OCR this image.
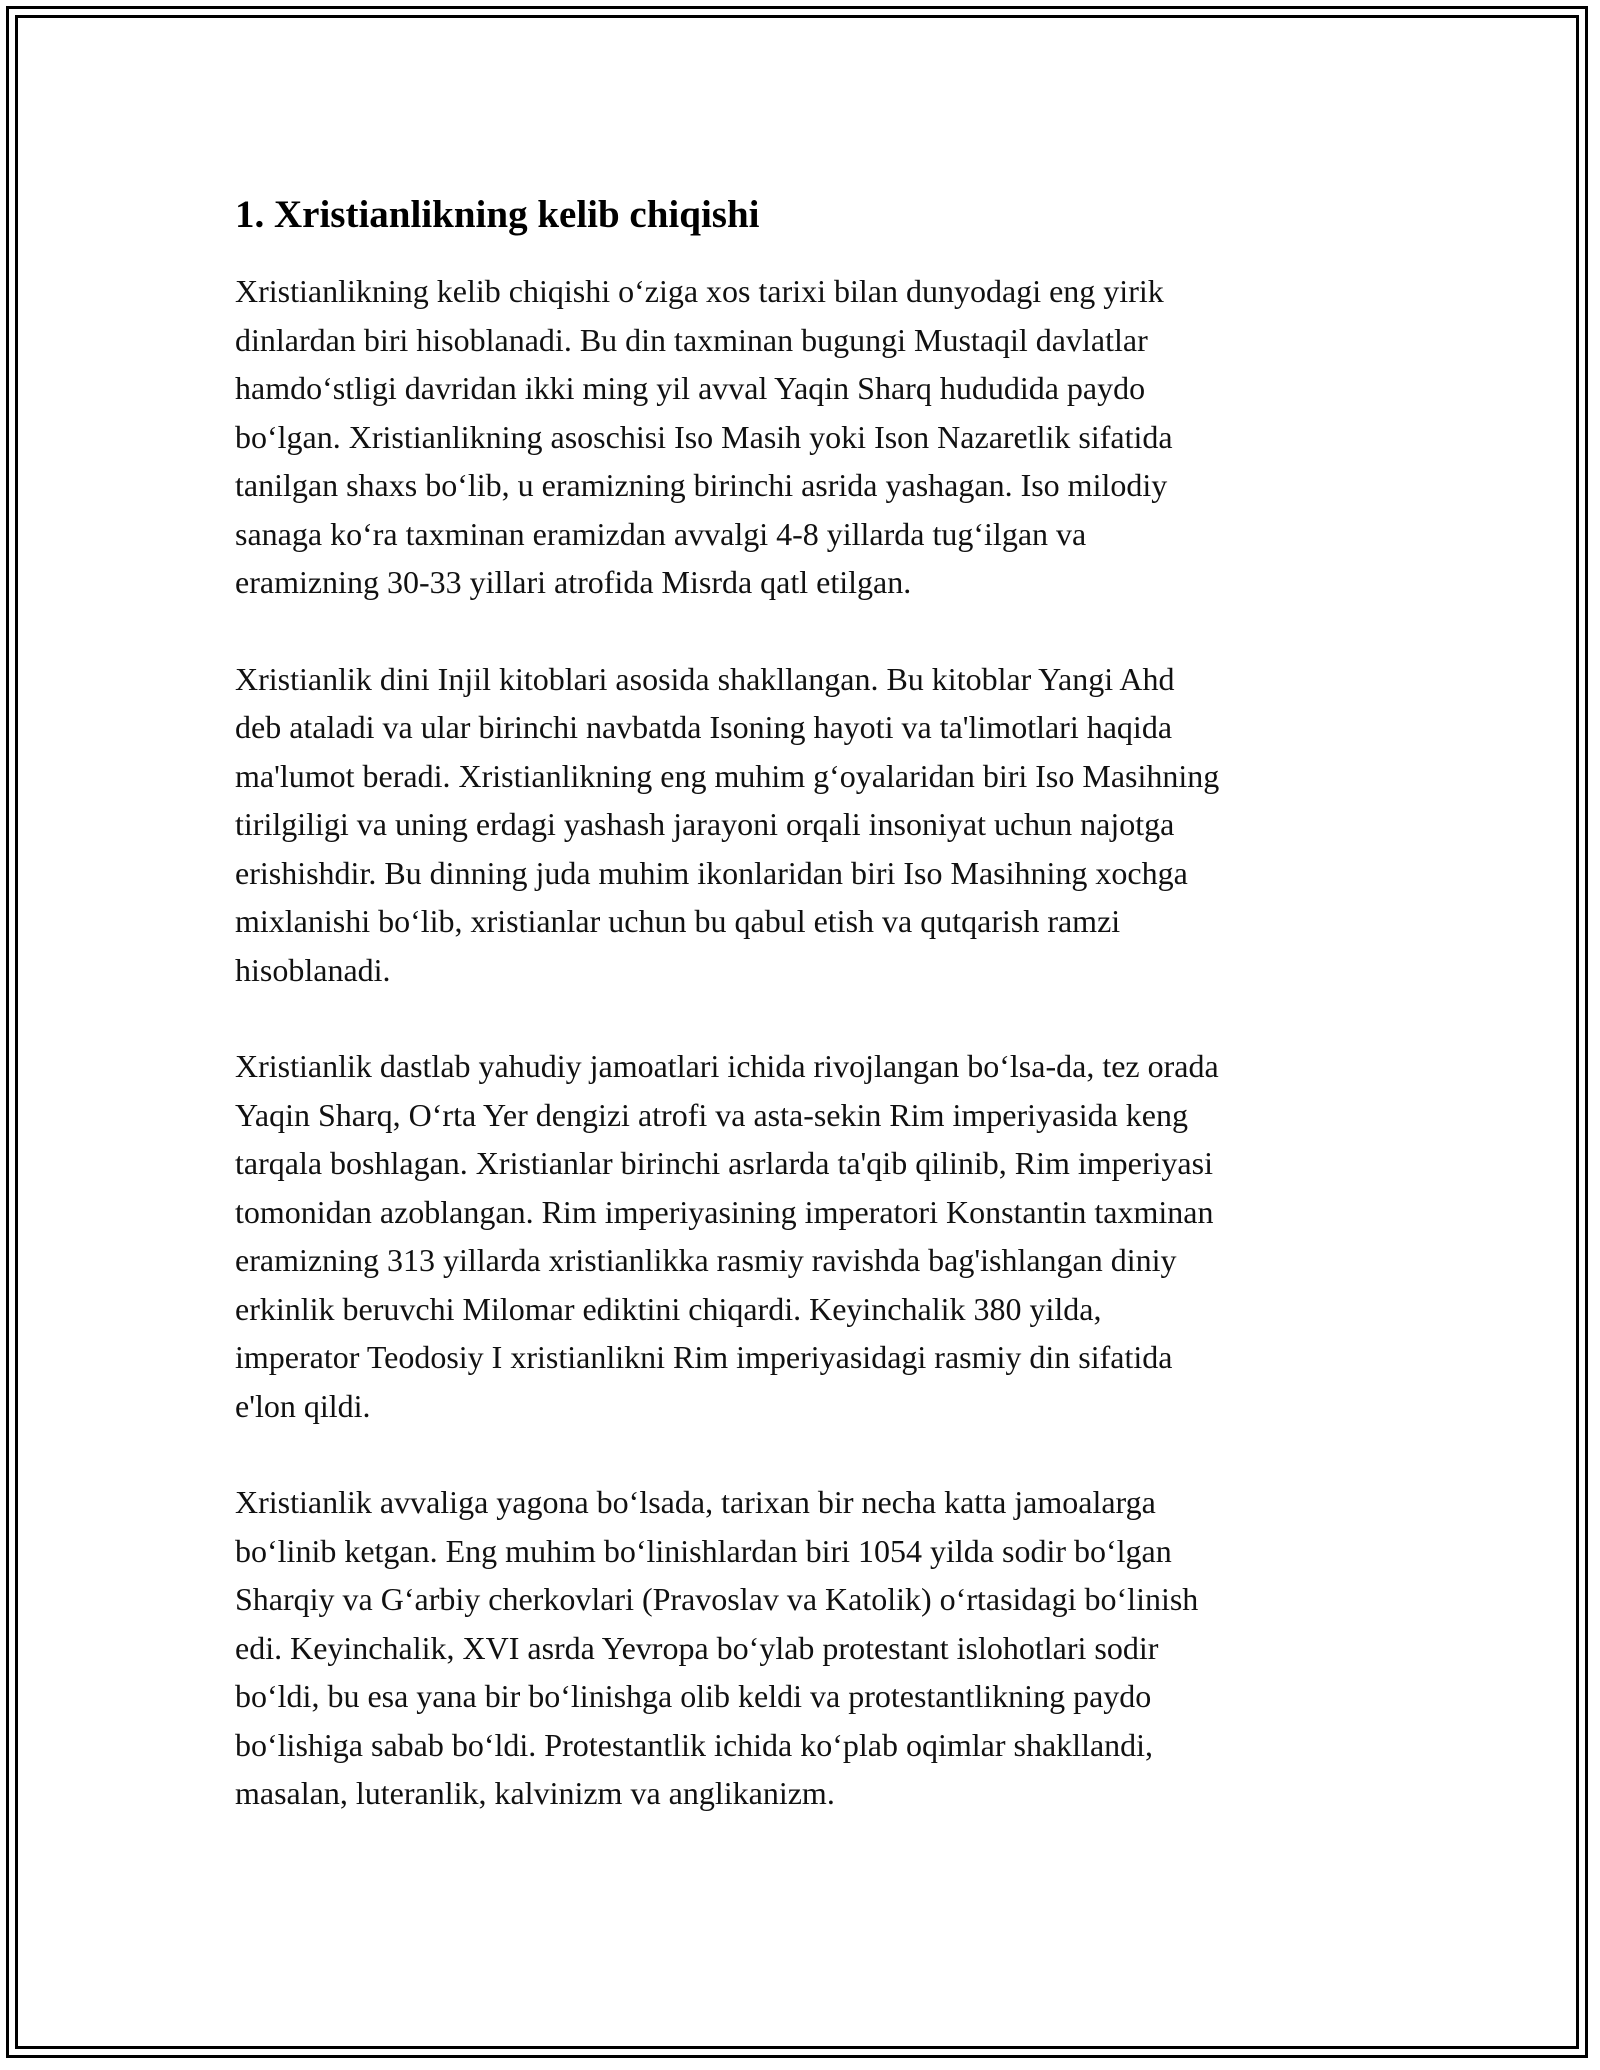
1. Xristianlikning kelib chiqishi

Xristianlikning kelib chiqishi o‘ziga xos tarixi bilan dunyodagi eng yirik
dinlardan biri hisoblanadi. Bu din taxminan bugungi Mustaqil davlatlar
hamdo‘stligi davridan ikki ming yil avval Yaqin Sharq hududida paydo
bo‘lgan. Xristianlikning asoschisi Iso Masih yoki Ison Nazaretlik sifatida
tanilgan shaxs bo‘lib, u eramizning birinchi asrida yashagan. Iso milodiy
sanaga ko‘ra taxminan eramizdan avvalgi 4-8 yillarda tug‘ilgan va
eramizning 30-33 yillari atrofida Misrda qatl etilgan.

Xristianlik dini Injil kitoblari asosida shakllangan. Bu kitoblar Yangi Ahd
deb ataladi va ular birinchi navbatda Isoning hayoti va ta'limotlari haqida
ma'lumot beradi. Xristianlikning eng muhim g‘oyalaridan biri Iso Masihning
tirilgiligi va uning erdagi yashash jarayoni orqali insoniyat uchun najotga
erishishdir. Bu dinning juda muhim ikonlaridan biri Iso Masihning xochga
mixlanishi bo‘lib, xristianlar uchun bu qabul etish va qutqarish ramzi
hisoblanadi.

Xristianlik dastlab yahudiy jamoatlari ichida rivojlangan bo‘lsa-da, tez orada
Yaqin Sharq, O‘rta Yer dengizi atrofi va asta-sekin Rim imperiyasida keng
tarqala boshlagan. Xristianlar birinchi asrlarda ta'qib qilinib, Rim imperiyasi
tomonidan azoblangan. Rim imperiyasining imperatori Konstantin taxminan
eramizning 313 yillarda xristianlikka rasmiy ravishda bag'ishlangan diniy
erkinlik beruvchi Milomar ediktini chiqardi. Keyinchalik 380 yilda,
imperator Teodosiy I xristianlikni Rim imperiyasidagi rasmiy din sifatida
e'lon qildi.

Xristianlik avvaliga yagona bo‘lsada, tarixan bir necha katta jamoalarga
bo‘linib ketgan. Eng muhim bo‘linishlardan biri 1054 yilda sodir bo‘lgan
Sharqiy va G‘arbiy cherkovlari (Pravoslav va Katolik) o‘rtasidagi bo‘linish
edi. Keyinchalik, XVI asrda Yevropa bo‘ylab protestant islohotlari sodir
bo‘ldi, bu esa yana bir bo‘linishga olib keldi va protestantlikning paydo
bo‘lishiga sabab bo‘ldi. Protestantlik ichida ko‘plab oqimlar shakllandi,
masalan, luteranlik, kalvinizm va anglikanizm.
